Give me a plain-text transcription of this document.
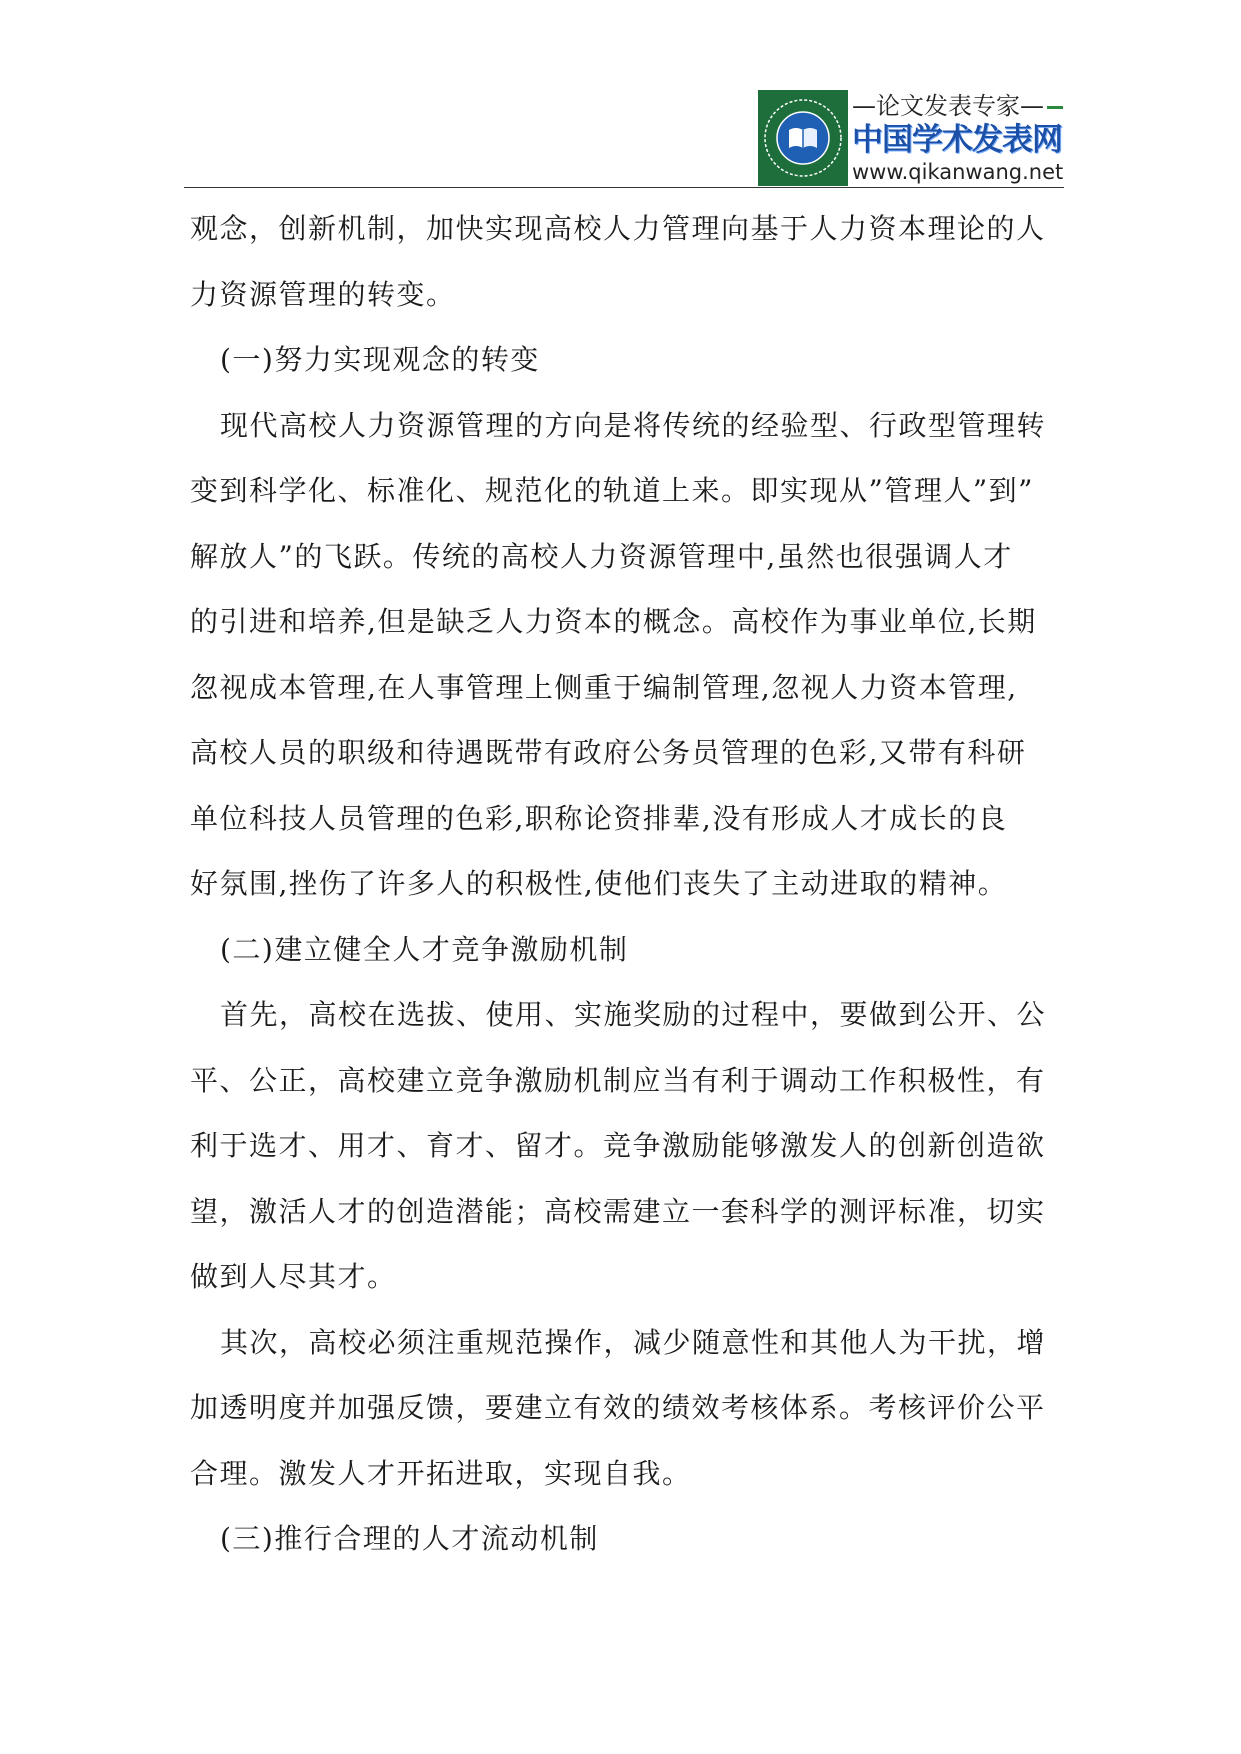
—论文发表专家—
中国学术发表网
www.qikanwang.net
观念，创新机制，加快实现高校人力管理向基于人力资本理论的人
力资源管理的转变。
(一)努力实现观念的转变
现代高校人力资源管理的方向是将传统的经验型、行政型管理转
变到科学化、标准化、规范化的轨道上来。即实现从”管理人”到”
解放人”的飞跃。传统的高校人力资源管理中,虽然也很强调人才
的引进和培养,但是缺乏人力资本的概念。高校作为事业单位,长期
忽视成本管理,在人事管理上侧重于编制管理,忽视人力资本管理,
高校人员的职级和待遇既带有政府公务员管理的色彩,又带有科研
单位科技人员管理的色彩,职称论资排辈,没有形成人才成长的良
好氛围,挫伤了许多人的积极性,使他们丧失了主动进取的精神。
(二)建立健全人才竞争激励机制
首先，高校在选拔、使用、实施奖励的过程中，要做到公开、公
平、公正，高校建立竞争激励机制应当有利于调动工作积极性，有
利于选才、用才、育才、留才。竞争激励能够激发人的创新创造欲
望，激活人才的创造潜能；高校需建立一套科学的测评标准，切实
做到人尽其才。
其次，高校必须注重规范操作，减少随意性和其他人为干扰，增
加透明度并加强反馈，要建立有效的绩效考核体系。考核评价公平
合理。激发人才开拓进取，实现自我。
(三)推行合理的人才流动机制
